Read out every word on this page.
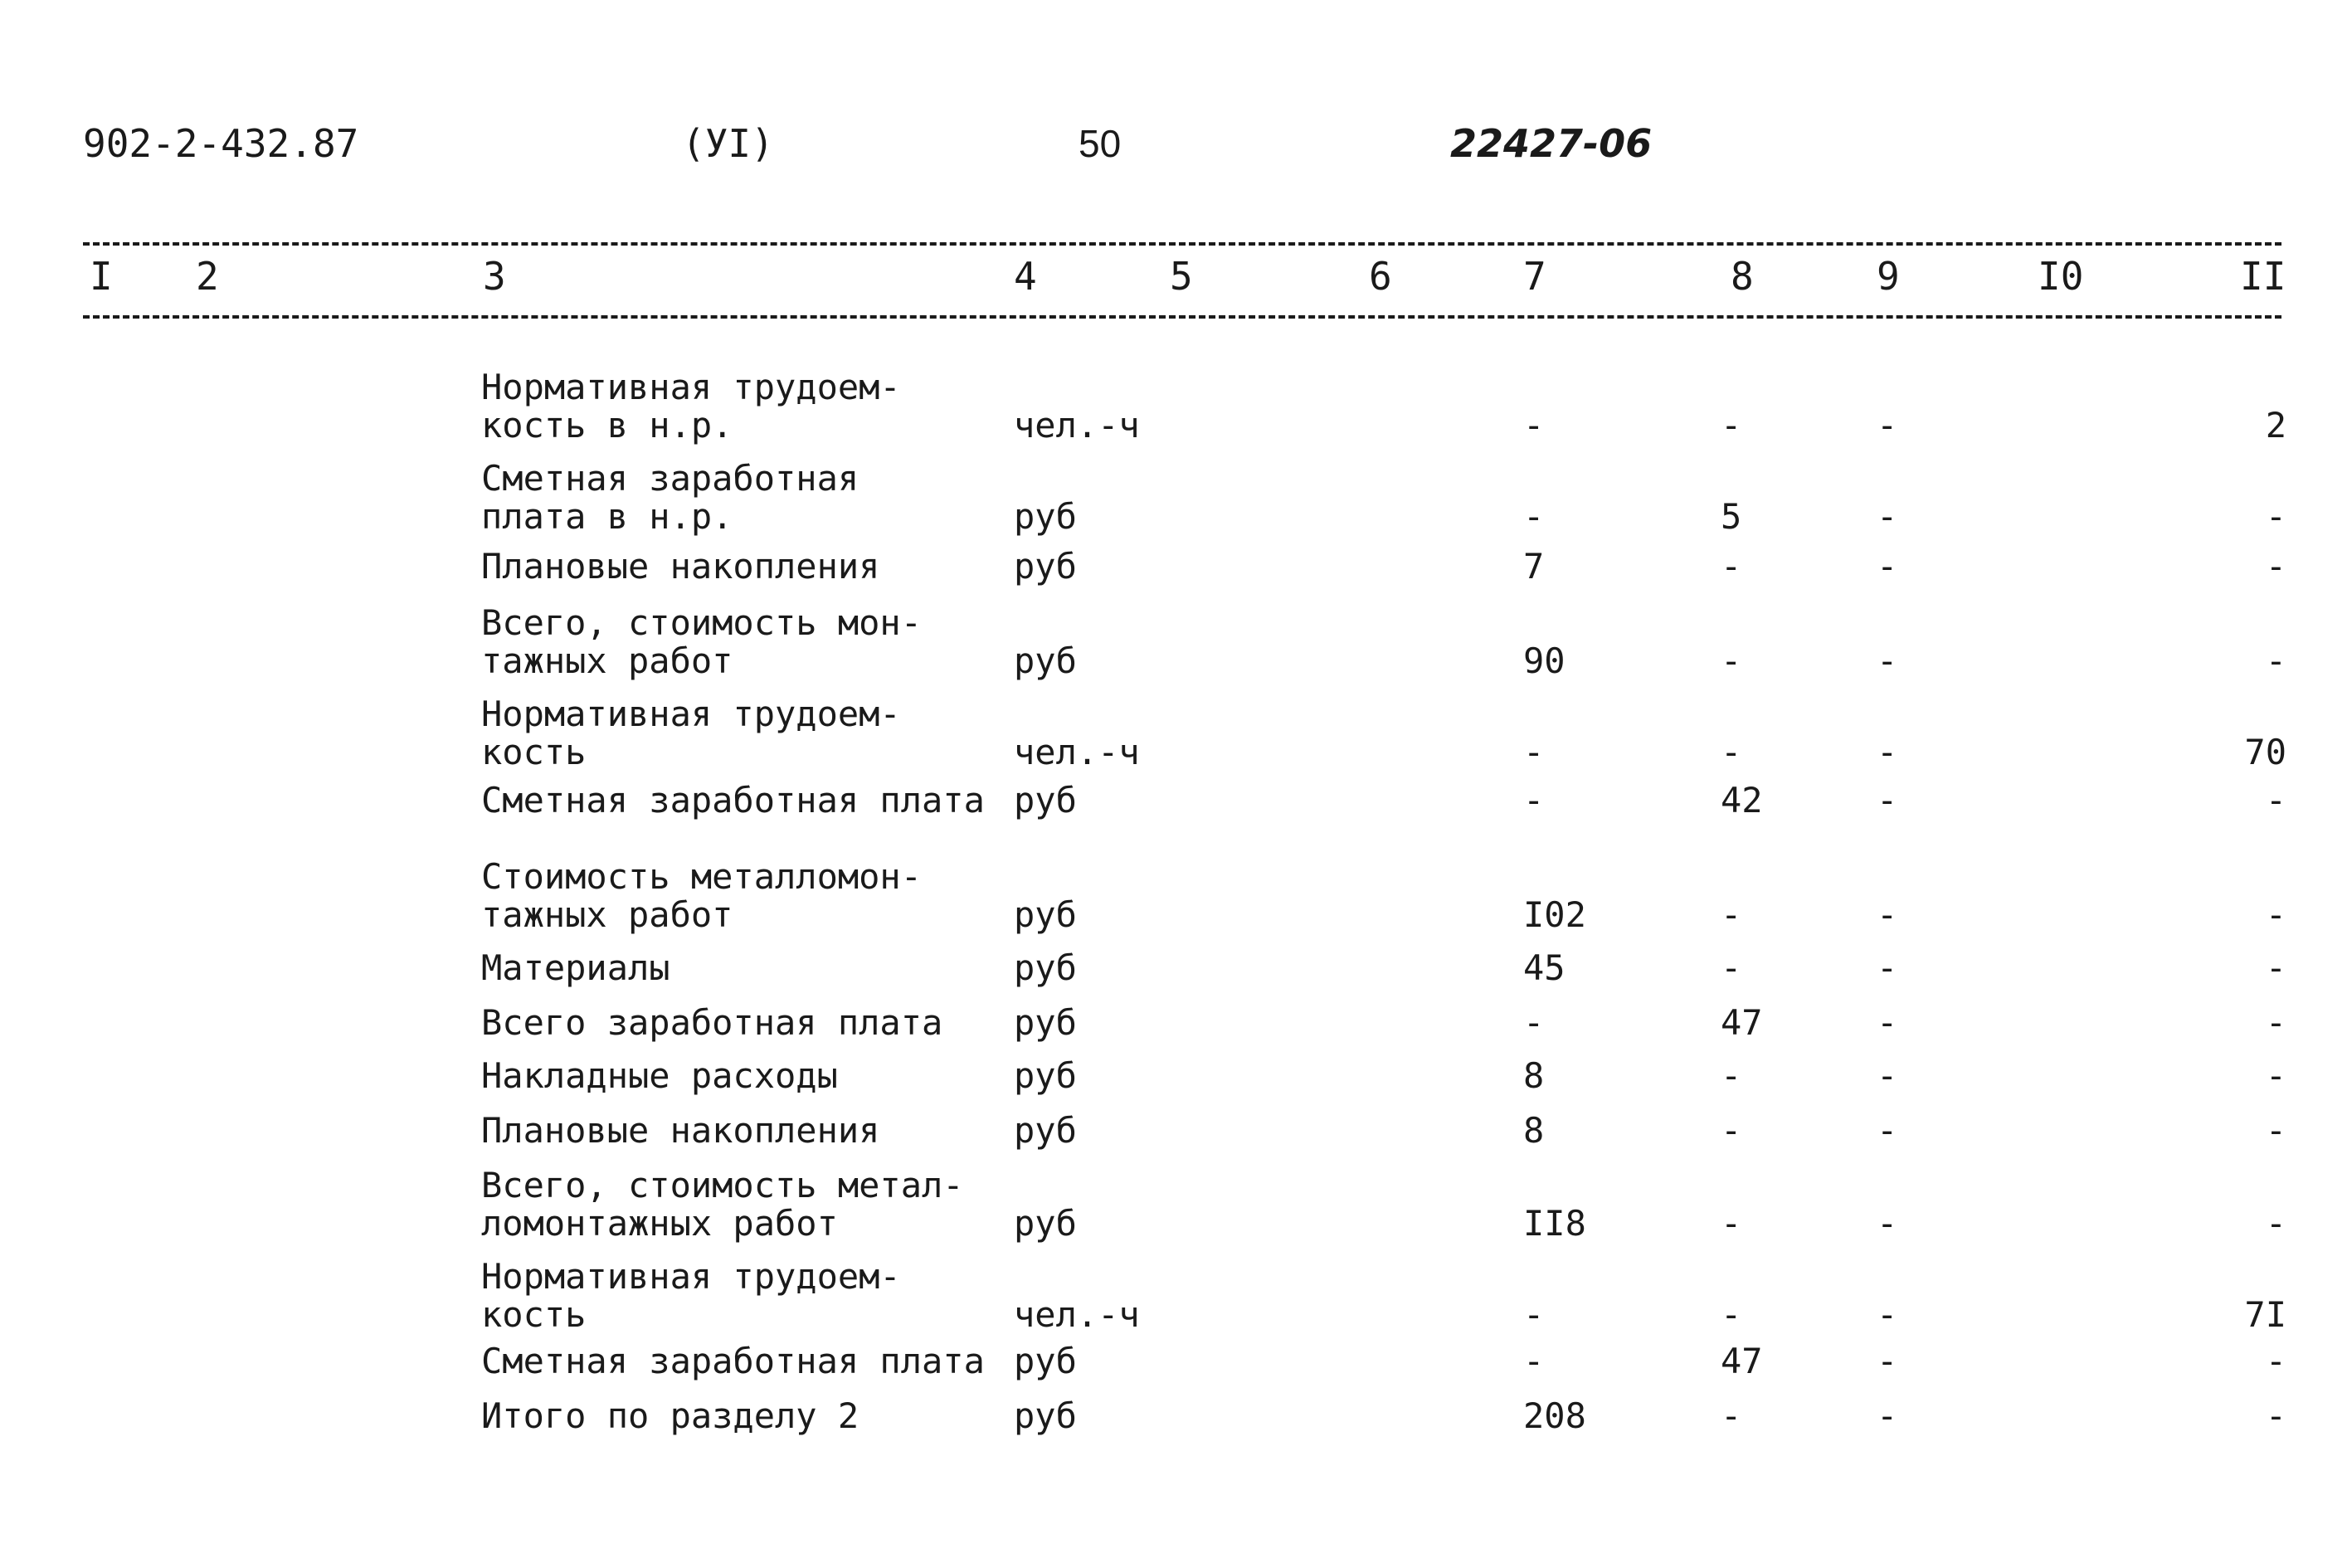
902-2-432.87	(УI)	50	22427-06
I 2	3	4	5	6	7	8	9	I0	II
Нормативная трудоем-
кость в н.р.	чел.-ч	-	-	-	2
Сметная заработная
плата в н.р.	руб	-	5	-	-
Плановые накопления	руб	7	-	-	-
Всего, стоимость мон-
тажных работ	руб	90	-	-	-
Нормативная трудоем-
кость	чел.-ч	-	-	-	70
Сметная заработная плата руб	-	42	-	-
Стоимость металломон-
тажных работ	руб	I02	-	-	-
Материалы	руб	45	-	-	-
Всего заработная плата руб	-	47	-	-
Накладные расходы	руб	8	-	-	-
Плановые накопления	руб	8	-	-	-
Всего, стоимость метал-
ломонтажных работ	руб	II8	-	-	-
Нормативная трудоем-
кость	чел.-ч	-	-	-	7I
Сметная заработная плата руб	-	47	-	-
Итого по разделу 2	руб	208	-	-	-
